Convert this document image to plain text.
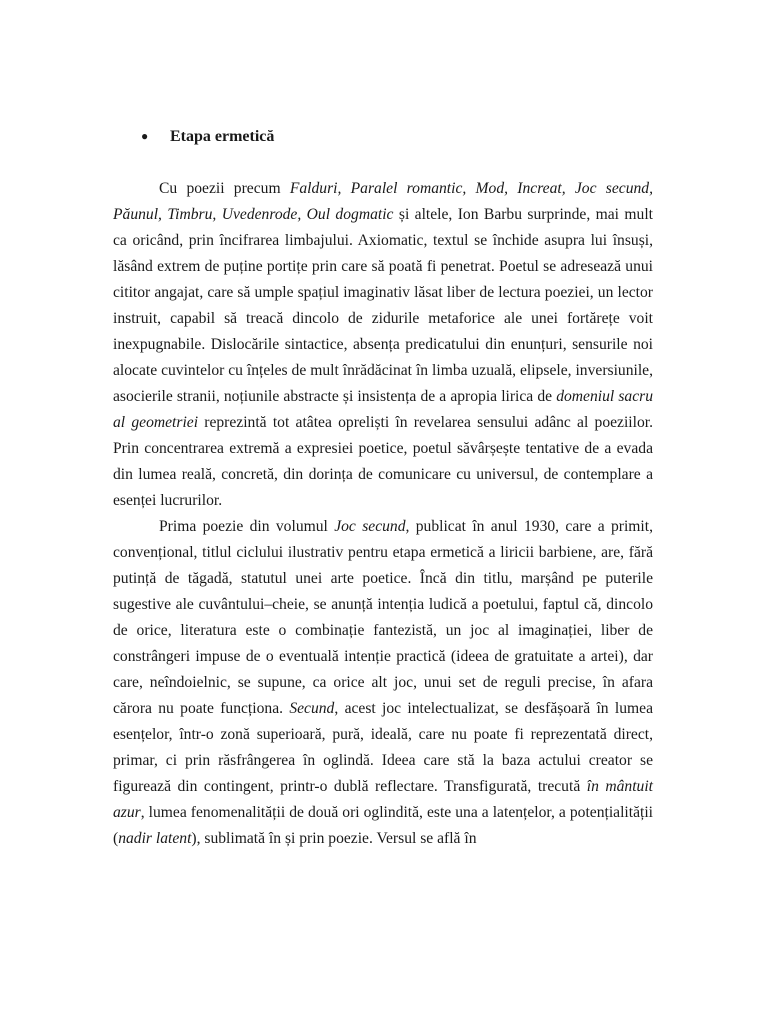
● Etapa ermetică

Cu poezii precum Falduri, Paralel romantic, Mod, Increat, Joc secund, Păunul, Timbru, Uvedenrode, Oul dogmatic și altele, Ion Barbu surprinde, mai mult ca oricând, prin încifrarea limbajului. Axiomatic, textul se închide asupra lui însuși, lăsând extrem de puține portițe prin care să poată fi penetrat. Poetul se adresează unui cititor angajat, care să umple spațiul imaginativ lăsat liber de lectura poeziei, un lector instruit, capabil să treacă dincolo de zidurile metaforice ale unei fortărețe voit inexpugnabile. Dislocările sintactice, absența predicatului din enunțuri, sensurile noi alocate cuvintelor cu înțeles de mult înrădăcinat în limba uzuală, elipsele, inversiunile, asocierile stranii, noțiunile abstracte și insistența de a apropia lirica de domeniul sacru al geometriei reprezintă tot atâtea opreliști în revelarea sensului adânc al poeziilor. Prin concentrarea extremă a expresiei poetice, poetul săvârșește tentative de a evada din lumea reală, concretă, din dorința de comunicare cu universul, de contemplare a esenței lucrurilor.

Prima poezie din volumul Joc secund, publicat în anul 1930, care a primit, convențional, titlul ciclului ilustrativ pentru etapa ermetică a liricii barbiene, are, fără putință de tăgadă, statutul unei arte poetice. Încă din titlu, marșând pe puterile sugestive ale cuvântului–cheie, se anunță intenția ludică a poetului, faptul că, dincolo de orice, literatura este o combinație fantezistă, un joc al imaginației, liber de constrângeri impuse de o eventuală intenție practică (ideea de gratuitate a artei), dar care, neîndoielnic, se supune, ca orice alt joc, unui set de reguli precise, în afara cărora nu poate funcționa. Secund, acest joc intelectualizat, se desfășoară în lumea esențelor, într-o zonă superioară, pură, ideală, care nu poate fi reprezentată direct, primar, ci prin răsfrângerea în oglindă. Ideea care stă la baza actului creator se figurează din contingent, printr-o dublă reflectare. Transfigurată, trecută în mântuit azur, lumea fenomenalității de două ori oglindită, este una a latențelor, a potențialității (nadir latent), sublimată în și prin poezie. Versul se află în
